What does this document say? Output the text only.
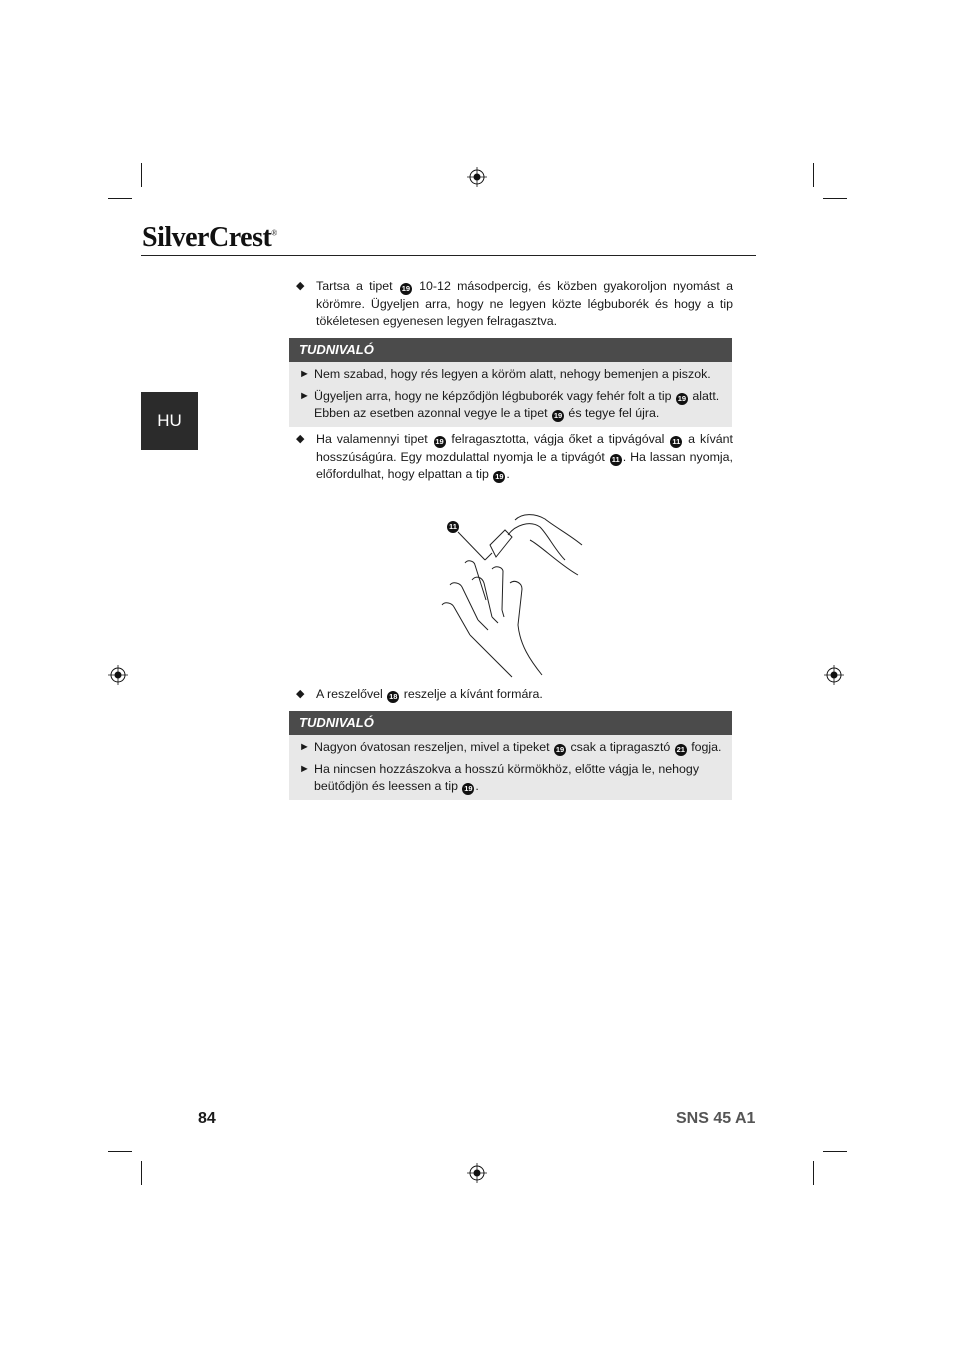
SilverCrest®
HU
◆ Tartsa a tipet 19 10-12 másodpercig, és közben gyakoroljon nyomást a körömre. Ügyeljen arra, hogy ne legyen közte légbuborék és hogy a tip tökéletesen egyenesen legyen felragasztva.
TUDNIVALÓ
► Nem szabad, hogy rés legyen a köröm alatt, nehogy bemenjen a piszok.
► Ügyeljen arra, hogy ne képződjön légbuborék vagy fehér folt a tip 19 alatt. Ebben az esetben azonnal vegye le a tipet 19 és tegye fel újra.
◆ Ha valamennyi tipet 19 felragasztotta, vágja őket a tipvágóval 11 a kívánt hosszúságúra. Egy mozdulattal nyomja le a tipvágót 11 . Ha lassan nyomja, előfordulhat, hogy elpattan a tip 19 .
11
◆ A reszelővel 18 reszelje a kívánt formára.
TUDNIVALÓ
► Nagyon óvatosan reszeljen, mivel a tipeket 19 csak a tipragasztó 21 fogja.
► Ha nincsen hozzászokva a hosszú körmökhöz, előtte vágja le, nehogy beütődjön és leessen a tip 19 .
84	SNS 45 A1
